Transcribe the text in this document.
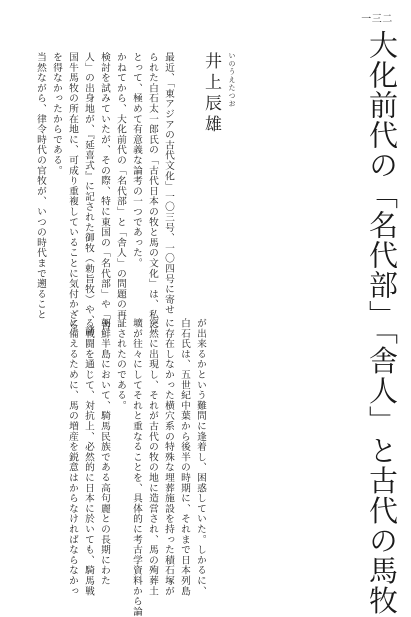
一三二
大化前代の「名代部」「舎人」と古代の馬牧
いのうえたつお
井上辰雄
最近、「東アジアの古代文化」一〇三号、一〇四号に寄せ
られた白石太一郎氏の「古代日本の牧と馬の文化」は、私に
とって、極めて有意義な論考の一つであった。
かねてから、大化前代の「名代部」と「舎人」の問題の再
検討を試みていたが、その際、特に東国の「名代部」や「舎
人」の出身地が、『延喜式』に記された御牧（勅旨牧）や、諸
国牛馬牧の所在地に、可成り重複していることに気付かざる
を得なかったからである。
当然ながら、律令時代の官牧が、いつの時代まで遡ること
が出来るかという難問に逢着し、困惑していた。しかるに、
白石氏は、五世紀中葉から後半の時期に、それまで日本列島
に存在しなかった横穴系の特殊な埋葬施設を持った積石塚が
突然に出現し、それが古代の牧の地に造営され、馬の殉葬土
壙が往々にしてそれと重なることを、具体的に考古学資料から論
証されたのである。
朝鮮半島において、騎馬民族である高句麗との長期にわた
る戦闘を通じて、対抗上、必然的に日本に於いても、騎馬戦
に備えるために、馬の増産を鋭意はからなければならなかっ
